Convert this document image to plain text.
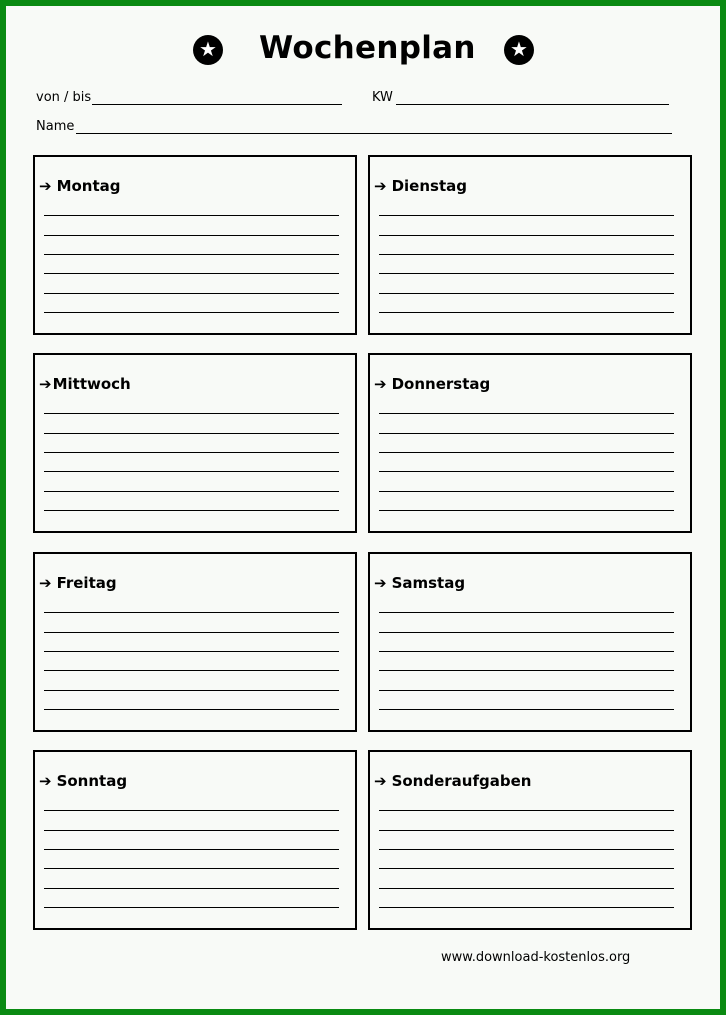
★ Wochenplan	★
von / bis	KW
Name
➔ Montag	➔ Dienstag
➔Mittwoch	➔ Donnerstag
➔ Freitag	➔ Samstag
➔ Sonntag	➔ Sonderaufgaben
www.download-kostenlos.org
